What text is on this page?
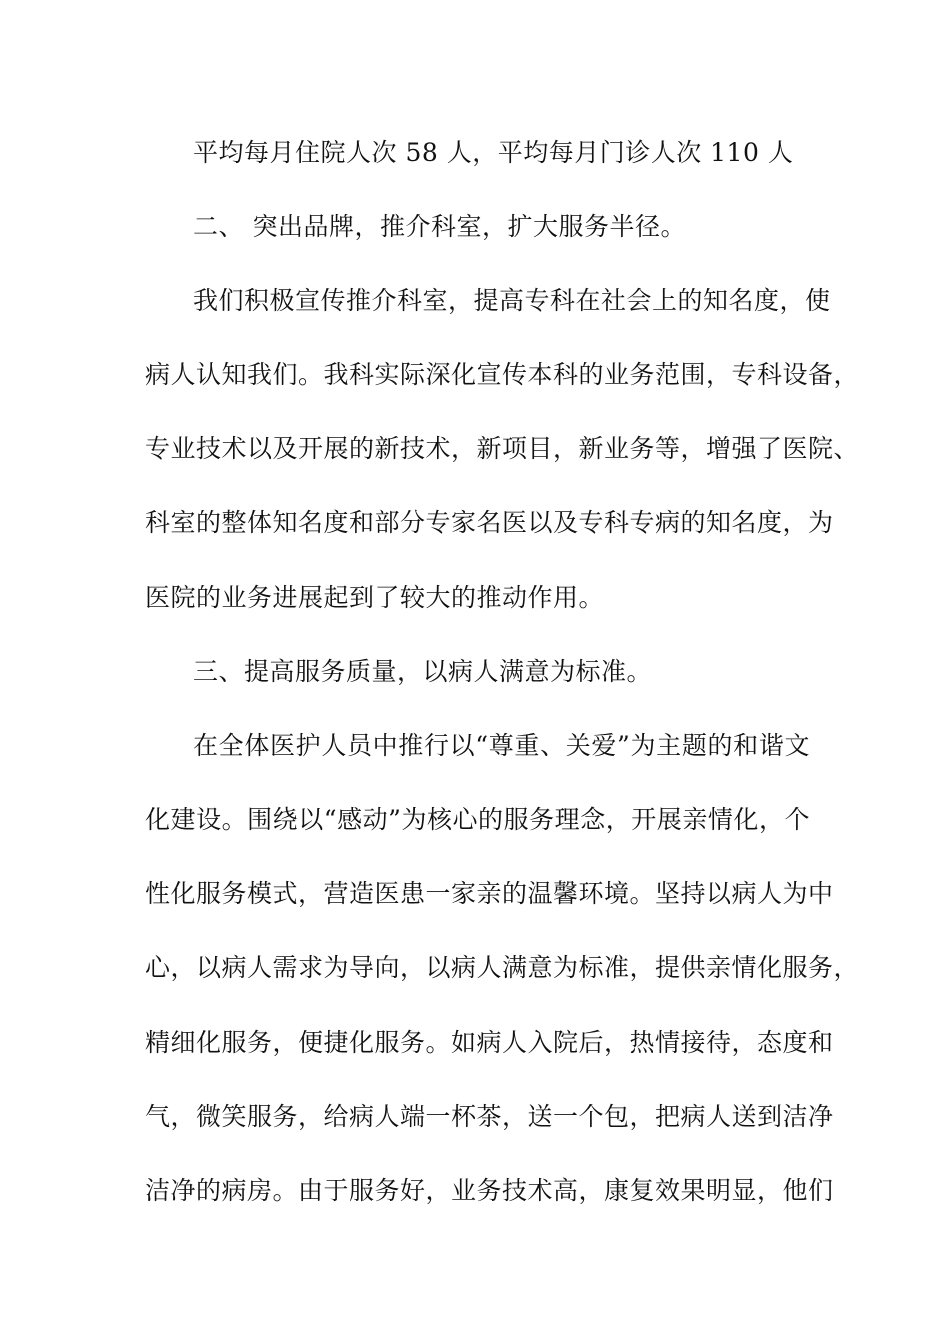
平均每月住院人次 58 人，平均每月门诊人次 110 人
二、 突出品牌，推介科室，扩大服务半径。
我们积极宣传推介科室，提高专科在社会上的知名度，使
病人认知我们。我科实际深化宣传本科的业务范围，专科设备，
专业技术以及开展的新技术，新项目，新业务等，增强了医院、
科室的整体知名度和部分专家名医以及专科专病的知名度，为
医院的业务进展起到了较大的推动作用。
三、提高服务质量，以病人满意为标准。
在全体医护人员中推行以“尊重、关爱”为主题的和谐文
化建设。围绕以“感动”为核心的服务理念，开展亲情化，个
性化服务模式，营造医患一家亲的温馨环境。坚持以病人为中
心，以病人需求为导向，以病人满意为标准，提供亲情化服务，
精细化服务，便捷化服务。如病人入院后，热情接待，态度和
气，微笑服务，给病人端一杯茶，送一个包，把病人送到洁净
洁净的病房。由于服务好，业务技术高，康复效果明显，他们
